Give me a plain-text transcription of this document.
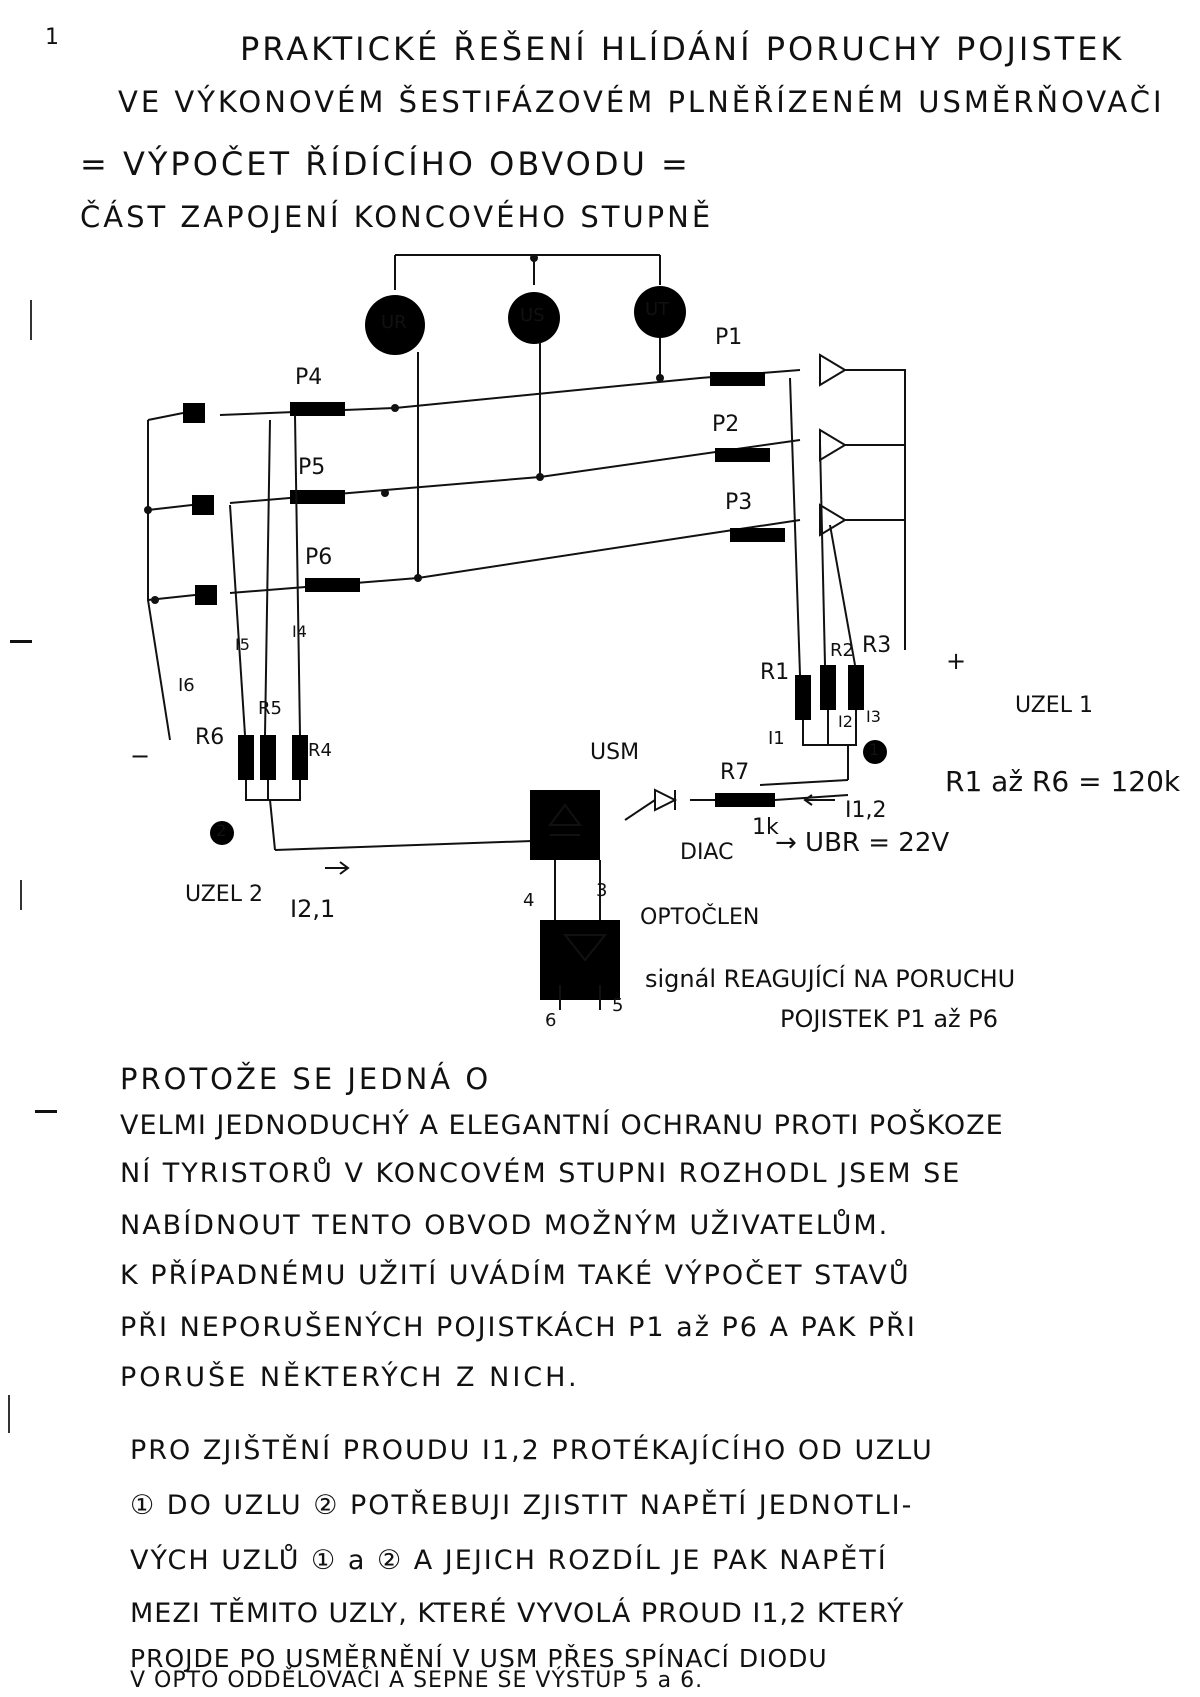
1	PRAKTICKÉ ŘEŠENÍ HLÍDÁNÍ PORUCHY POJISTEK
VE VÝKONOVÉM ŠESTIFÁZOVÉM PLNĚŘÍZENÉM USMĚRŇOVAČI
= VÝPOČET ŘÍDÍCÍHO OBVODU =
ČÁST ZAPOJENÍ KONCOVÉHO STUPNĚ
UR	US	UT
P4
P5
P6
P1
P2
P3
R1
R2 R3
R6
R5
R4
I1
I2 I3
I6
I5
I4
+
−
UZEL 1
1
UZEL 2
2
R1 až R6 = 120k
USM
R7
1k
I1,2
I2,1
DIAC → UBR = 22V
OPTOČLEN
4	3
6
5
signál REAGUJÍCÍ NA PORUCHU
POJISTEK P1 až P6
PROTOŽE SE JEDNÁ O
VELMI JEDNODUCHÝ A ELEGANTNÍ OCHRANU PROTI POŠKOZE
NÍ TYRISTORŮ V KONCOVÉM STUPNI ROZHODL JSEM SE
NABÍDNOUT TENTO OBVOD MOŽNÝM UŽIVATELŮM.
K PŘÍPADNÉMU UŽITÍ UVÁDÍM TAKÉ VÝPOČET STAVŮ
PŘI NEPORUŠENÝCH POJISTKÁCH P1 až P6 A PAK PŘI
PORUŠE NĚKTERÝCH Z NICH.
PRO ZJIŠTĚNÍ PROUDU I1,2 PROTÉKAJÍCÍHO OD UZLU
① DO UZLU ② POTŘEBUJI ZJISTIT NAPĚTÍ JEDNOTLI-
VÝCH UZLŮ ① a ② A JEJICH ROZDÍL JE PAK NAPĚTÍ
MEZI TĚMITO UZLY, KTERÉ VYVOLÁ PROUD I1,2 KTERÝ
PROJDE PO USMĚRNĚNÍ V USM PŘES SPÍNACÍ DIODU
V OPTO ODDĚLOVAČI A SEPNE SE VÝSTUP 5 a 6.
